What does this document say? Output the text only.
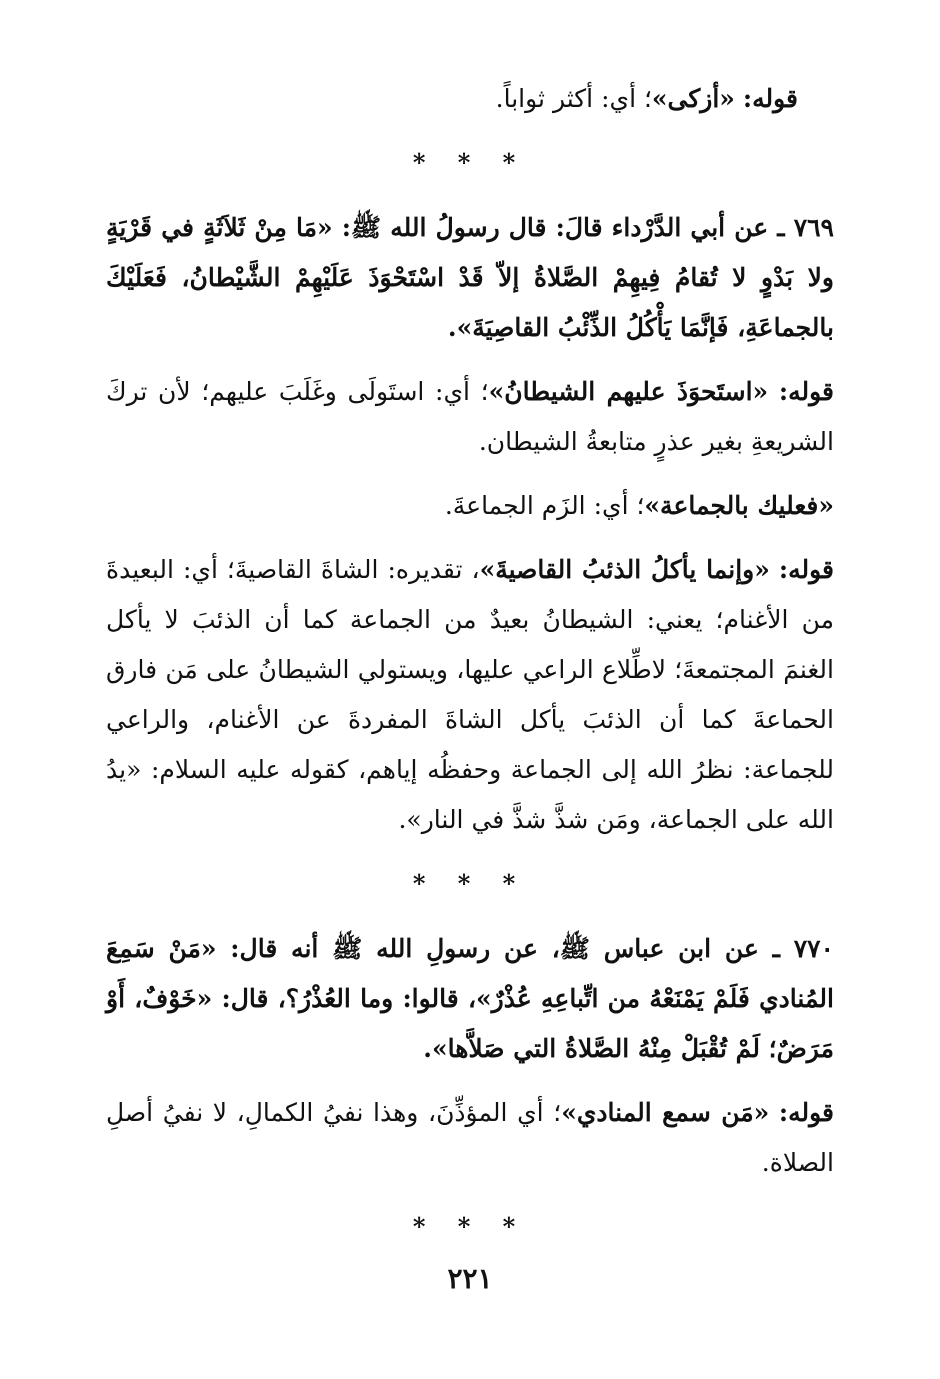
قوله: «أزكى»؛ أي: أكثر ثواباً.

* * *

٧٦٩ ـ عن أبي الدَّرْداء قالَ: قال رسولُ الله ﷺ: «مَا مِنْ ثَلاَثَةٍ في قَرْيَةٍ ولا بَدْوٍ لا تُقامُ فِيهِمْ الصَّلاةُ إلاّ قَدْ اسْتَحْوَذَ عَلَيْهِمْ الشَّيْطانُ، فَعَلَيْكَ بالجماعَةِ، فَإنَّمَا يَأْكُلُ الذِّئْبُ القاصِيَةَ».

قوله: «استَحوَذَ عليهم الشيطانُ»؛ أي: استَولَى وغَلَبَ عليهم؛ لأن تركَ الشريعةِ بغير عذرٍ متابعةُ الشيطان.

«فعليك بالجماعة»؛ أي: الزَم الجماعةَ.

قوله: «وإنما يأكلُ الذئبُ القاصيةَ»، تقديره: الشاةَ القاصيةَ؛ أي: البعيدةَ من الأغنام؛ يعني: الشيطانُ بعيدٌ من الجماعة كما أن الذئبَ لا يأكل الغنمَ المجتمعةَ؛ لاطِّلاع الراعي عليها، ويستولي الشيطانُ على مَن فارق الحماعةَ كما أن الذئبَ يأكل الشاةَ المفردةَ عن الأغنام، والراعي للجماعة: نظرُ الله إلى الجماعة وحفظُه إياهم، كقوله عليه السلام: «يدُ الله على الجماعة، ومَن شذَّ شذَّ في النار».

* * *

٧٧٠ ـ عن ابن عباس ﷺ، عن رسولِ الله ﷺ أنه قال: «مَنْ سَمِعَ المُنادي فَلَمْ يَمْنَعْهُ من اتِّباعِهِ عُذْرٌ»، قالوا: وما العُذْرُ؟، قال: «خَوْفٌ، أَوْ مَرَضٌ؛ لَمْ تُقْبَلْ مِنْهُ الصَّلاةُ التي صَلاَّها».

قوله: «مَن سمع المنادي»؛ أي المؤذِّنَ، وهذا نفيُ الكمالِ، لا نفيُ أصلِ الصلاة.

* * *
٢٢١
